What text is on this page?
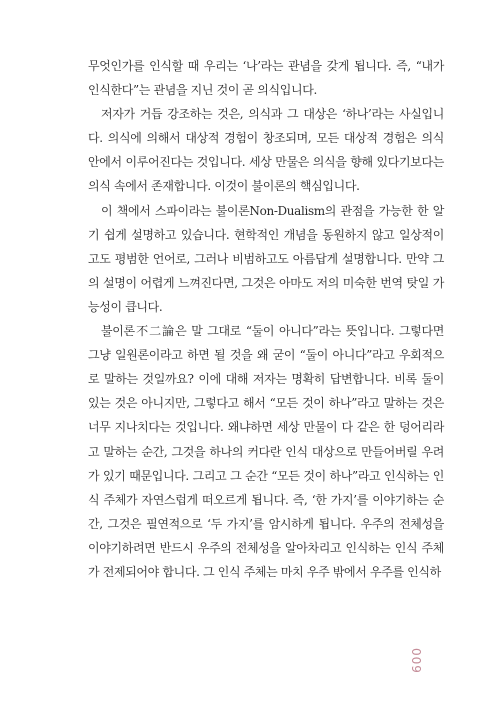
무엇인가를 인식할 때 우리는 ‘나’라는 관념을 갖게 됩니다. 즉, “내가 인식한다”는 관념을 지닌 것이 곧 의식입니다.

저자가 거듭 강조하는 것은, 의식과 그 대상은 ‘하나’라는 사실입니다. 의식에 의해서 대상적 경험이 창조되며, 모든 대상적 경험은 의식 안에서 이루어진다는 것입니다. 세상 만물은 의식을 향해 있다기보다는 의식 속에서 존재합니다. 이것이 불이론의 핵심입니다.

이 책에서 스파이라는 불이론Non-Dualism의 관점을 가능한 한 알기 쉽게 설명하고 있습니다. 현학적인 개념을 동원하지 않고 일상적이고도 평범한 언어로, 그러나 비범하고도 아름답게 설명합니다. 만약 그의 설명이 어렵게 느껴진다면, 그것은 아마도 저의 미숙한 번역 탓일 가능성이 큽니다.

불이론不二論은 말 그대로 “둘이 아니다”라는 뜻입니다. 그렇다면 그냥 일원론이라고 하면 될 것을 왜 굳이 “둘이 아니다”라고 우회적으로 말하는 것일까요? 이에 대해 저자는 명확히 답변합니다. 비록 둘이 있는 것은 아니지만, 그렇다고 해서 “모든 것이 하나”라고 말하는 것은 너무 지나치다는 것입니다. 왜냐하면 세상 만물이 다 같은 한 덩어리라고 말하는 순간, 그것을 하나의 커다란 인식 대상으로 만들어버릴 우려가 있기 때문입니다. 그리고 그 순간 “모든 것이 하나”라고 인식하는 인식 주체가 자연스럽게 떠오르게 됩니다. 즉, ‘한 가지’를 이야기하는 순간, 그것은 필연적으로 ‘두 가지’를 암시하게 됩니다. 우주의 전체성을 이야기하려면 반드시 우주의 전체성을 알아차리고 인식하는 인식 주체가 전제되어야 합니다. 그 인식 주체는 마치 우주 밖에서 우주를 인식하

009
